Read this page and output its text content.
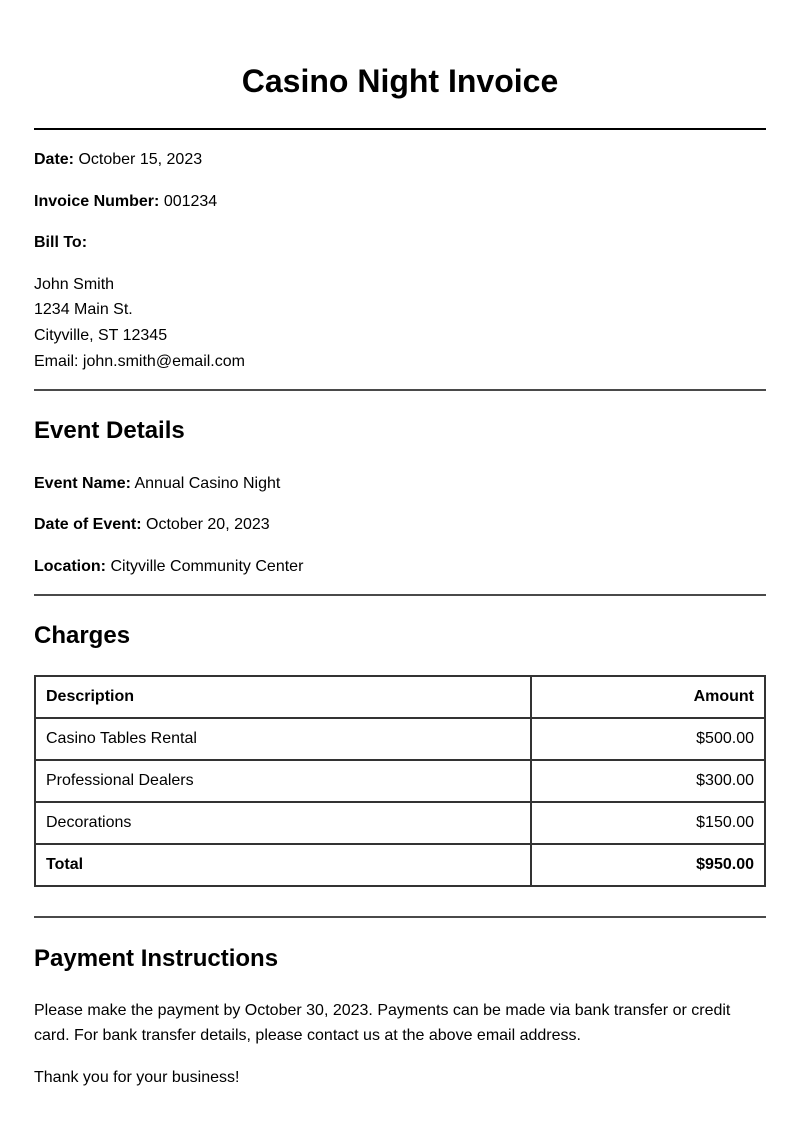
Casino Night Invoice
Date: October 15, 2023
Invoice Number: 001234
Bill To:
John Smith
1234 Main St.
Cityville, ST 12345
Email: john.smith@email.com
Event Details
Event Name: Annual Casino Night
Date of Event: October 20, 2023
Location: Cityville Community Center
Charges
Description	Amount
Casino Tables Rental	$500.00
Professional Dealers	$300.00
Decorations	$150.00
Total	$950.00
Payment Instructions

Please make the payment by October 30, 2023. Payments can be made via bank transfer or credit card. For bank transfer details, please contact us at the above email address.

Thank you for your business!
